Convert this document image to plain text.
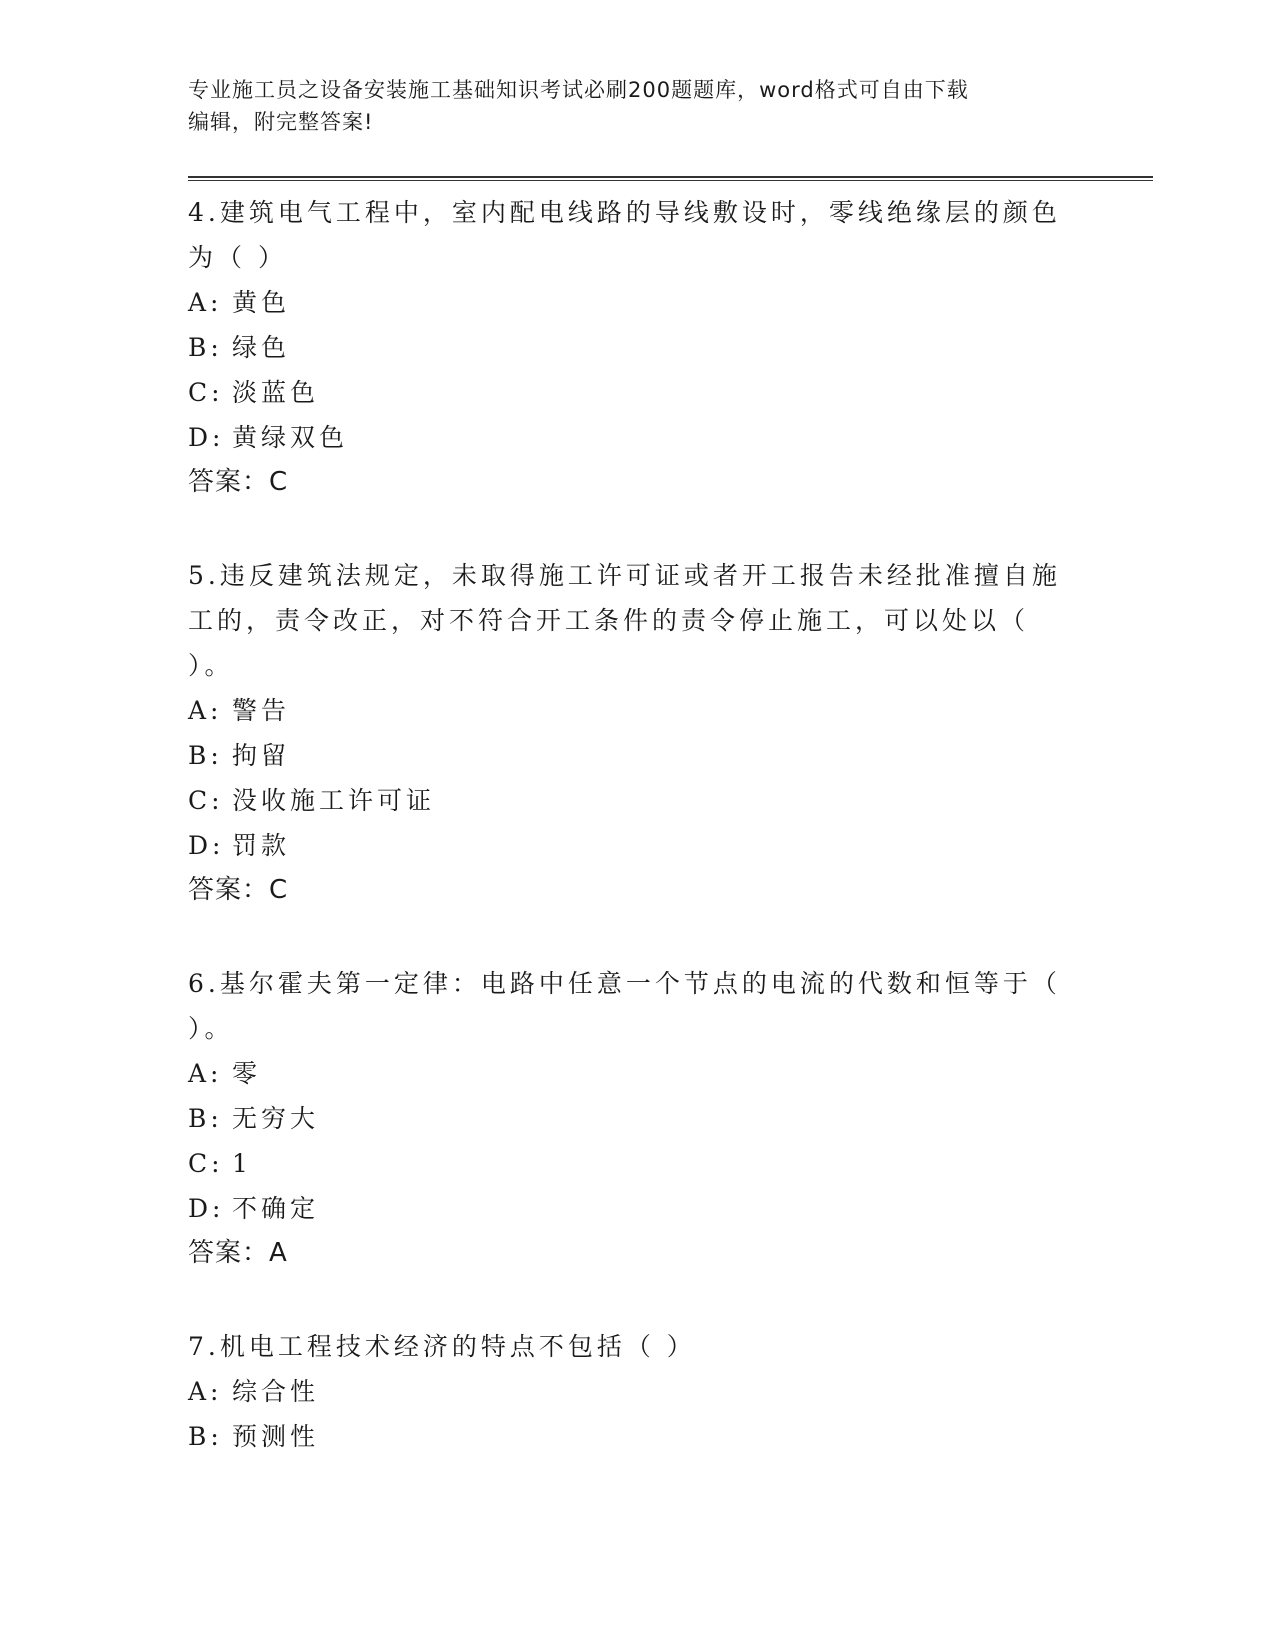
专业施工员之设备安装施工基础知识考试必刷200题题库，word格式可自由下载
编辑，附完整答案!
4.建筑电气工程中，室内配电线路的导线敷设时，零线绝缘层的颜色为（ ）
A: 黄色
B: 绿色
C: 淡蓝色
D: 黄绿双色
答案：C
5.违反建筑法规定，未取得施工许可证或者开工报告未经批准擅自施工的，责令改正，对不符合开工条件的责令停止施工，可以处以（ ）。
A: 警告
B: 拘留
C: 没收施工许可证
D: 罚款
答案：C
6.基尔霍夫第一定律：电路中任意一个节点的电流的代数和恒等于（ ）。
A: 零
B: 无穷大
C: 1
D: 不确定
答案：A
7.机电工程技术经济的特点不包括（ ）
A: 综合性
B: 预测性
